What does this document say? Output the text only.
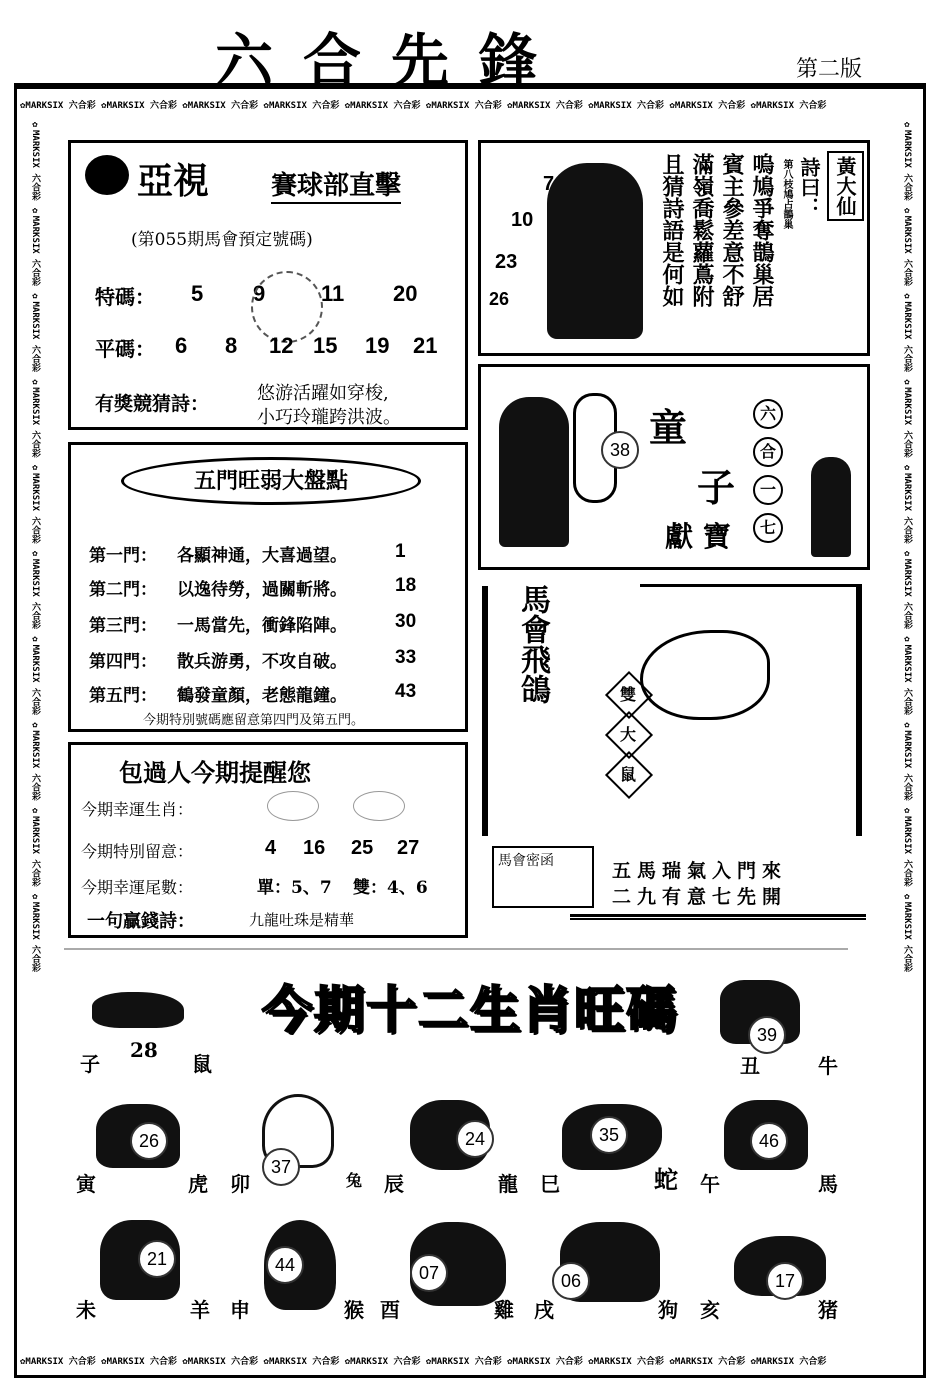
六合先鋒	第二版
✿MARKSIX 六合彩 ✿MARKSIX 六合彩 ✿MARKSIX 六合彩 ✿MARKSIX 六合彩 ✿MARKSIX 六合彩 ✿MARKSIX 六合彩 ✿MARKSIX 六合彩 ✿MARKSIX 六合彩 ✿MARKSIX 六合彩 ✿MARKSIX 六合彩
✿MARKSIX 六合彩 ✿MARKSIX 六合彩 ✿MARKSIX 六合彩 ✿MARKSIX 六合彩 ✿MARKSIX 六合彩 ✿MARKSIX 六合彩 ✿MARKSIX 六合彩 ✿MARKSIX 六合彩 ✿MARKSIX 六合彩 ✿MARKSIX 六合彩
✿MARKSIX 六合彩 ✿MARKSIX 六合彩 ✿MARKSIX 六合彩 ✿MARKSIX 六合彩 ✿MARKSIX 六合彩 ✿MARKSIX 六合彩 ✿MARKSIX 六合彩 ✿MARKSIX 六合彩 ✿MARKSIX 六合彩 ✿MARKSIX 六合彩	✿MARKSIX 六合彩 ✿MARKSIX 六合彩 ✿MARKSIX 六合彩 ✿MARKSIX 六合彩 ✿MARKSIX 六合彩 ✿MARKSIX 六合彩 ✿MARKSIX 六合彩 ✿MARKSIX 六合彩 ✿MARKSIX 六合彩 ✿MARKSIX 六合彩
亞視 賽球部直擊
(第055期馬會預定號碼)
特碼： 5 9	11 20
平碼： 6 8 12 15 19 21
有獎競猜詩：	悠游活躍如穿梭,
小巧玲瓏跨洪波。
7
10
23
26	且猜詩語是何如 滿嶺喬鬆蘿蔦附 賓主參差意不舒 嗚鳩爭奪鵲巢居 第八枝鳩占鵲巢 詩曰： 黃大仙
38 童
子
獻 寶
六
合
一
七
五門旺弱大盤點
第一門： 各顯神通，大喜過望。	1
第二門： 以逸待勞，過關斬將。	18
第三門： 一馬當先，衝鋒陷陣。	30
第四門： 散兵游勇，不攻自破。	33
第五門： 鶴發童顏，老態龍鐘。	43
今期特別號碼應留意第四門及第五門。
馬會飛鴿	雙
大
鼠
馬會密函	五馬瑞氣入門來
二九有意七先開
包過人今期提醒您
今期幸運生肖：
今期特別留意：	4 16 25 27
今期幸運尾數：	單：5、7 雙：4、6
一句贏錢詩：	九龍吐珠是精華
今期十二生肖旺碼
子
28
鼠
39
丑	牛
26
寅	虎
37
卯	兔
24
辰	龍
35
巳	蛇
46
午	馬
21
未	羊
44
申	猴
07
酉	雞
06
戌	狗
17
亥	猪
